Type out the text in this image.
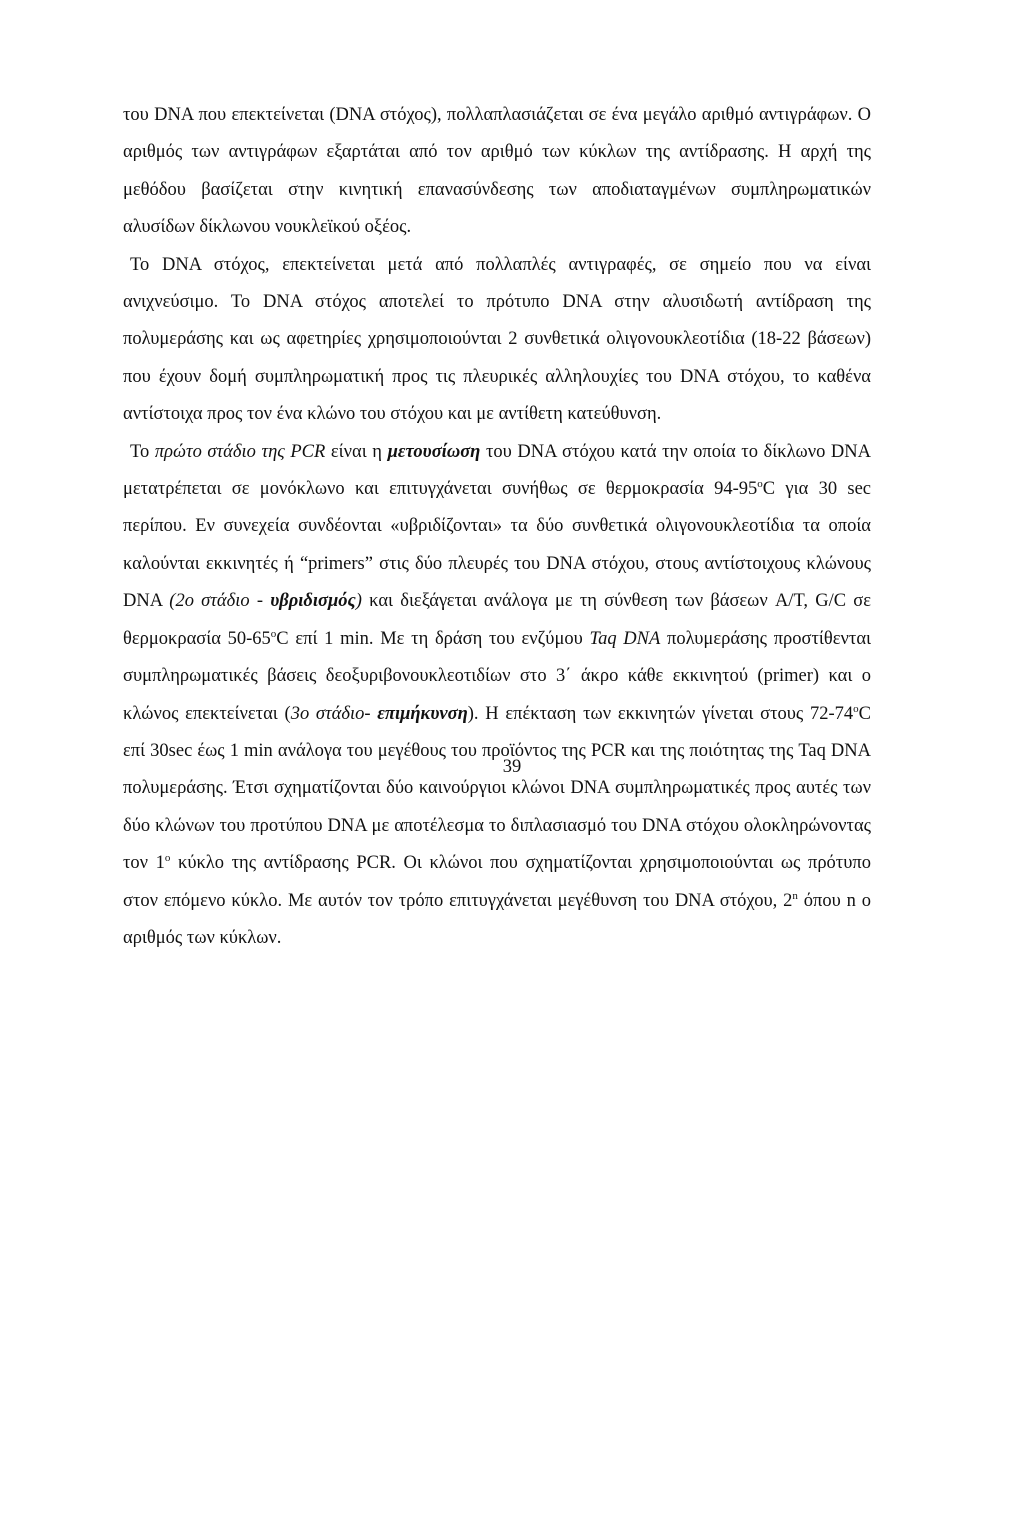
του DNA που επεκτείνεται (DNA στόχος), πολλαπλασιάζεται σε ένα μεγάλο αριθμό αντιγράφων. Ο αριθμός των αντιγράφων εξαρτάται από τον αριθμό των κύκλων της αντίδρασης. Η αρχή της μεθόδου βασίζεται στην κινητική επανασύνδεσης των αποδιαταγμένων συμπληρωματικών αλυσίδων δίκλωνου νουκλεϊκού οξέος.

Το DNA στόχος, επεκτείνεται μετά από πολλαπλές αντιγραφές, σε σημείο που να είναι ανιχνεύσιμο. Το DNA στόχος αποτελεί το πρότυπο DNA στην αλυσιδωτή αντίδραση της πολυμεράσης και ως αφετηρίες χρησιμοποιούνται 2 συνθετικά ολιγονουκλεοτίδια (18-22 βάσεων) που έχουν δομή συμπληρωματική προς τις πλευρικές αλληλουχίες του DNA στόχου, το καθένα αντίστοιχα προς τον ένα κλώνο του στόχου και με αντίθετη κατεύθυνση.

Το πρώτο στάδιο της PCR είναι η μετουσίωση του DNA στόχου κατά την οποία το δίκλωνο DNA μετατρέπεται σε μονόκλωνο και επιτυγχάνεται συνήθως σε θερμοκρασία 94-95$^o$C για 30 sec περίπου. Εν συνεχεία συνδέονται «υβριδίζονται» τα δύο συνθετικά ολιγονουκλεοτίδια τα οποία καλούνται εκκινητές ή “primers” στις δύο πλευρές του DNA στόχου, στους αντίστοιχους κλώνους DNA (2ο στάδιο - υβριδισμός) και διεξάγεται ανάλογα με τη σύνθεση των βάσεων A/T, G/C σε θερμοκρασία 50-65$^o$C επί 1 min. Με τη δράση του ενζύμου Taq DNA πολυμεράσης προστίθενται συμπληρωματικές βάσεις δεοξυριβονουκλεοτιδίων στο 3΄ άκρο κάθε εκκινητού (primer) και ο κλώνος επεκτείνεται (3ο στάδιο- επιμήκυνση). Η επέκταση των εκκινητών γίνεται στους 72-74$^o$C επί 30sec έως 1 min ανάλογα του μεγέθους του προϊόντος της PCR και της ποιότητας της Taq DNA πολυμεράσης. Έτσι σχηματίζονται δύο καινούργιοι κλώνοι DNA συμπληρωματικές προς αυτές των δύο κλώνων του προτύπου DNA με αποτέλεσμα το διπλασιασμό του DNA στόχου ολοκληρώνοντας τον 1$^o$ κύκλο της αντίδρασης PCR. Οι κλώνοι που σχηματίζονται χρησιμοποιούνται ως πρότυπο στον επόμενο κύκλο. Με αυτόν τον τρόπο επιτυγχάνεται μεγέθυνση του DNA στόχου, 2$^n$ όπου n ο αριθμός των κύκλων.

39
